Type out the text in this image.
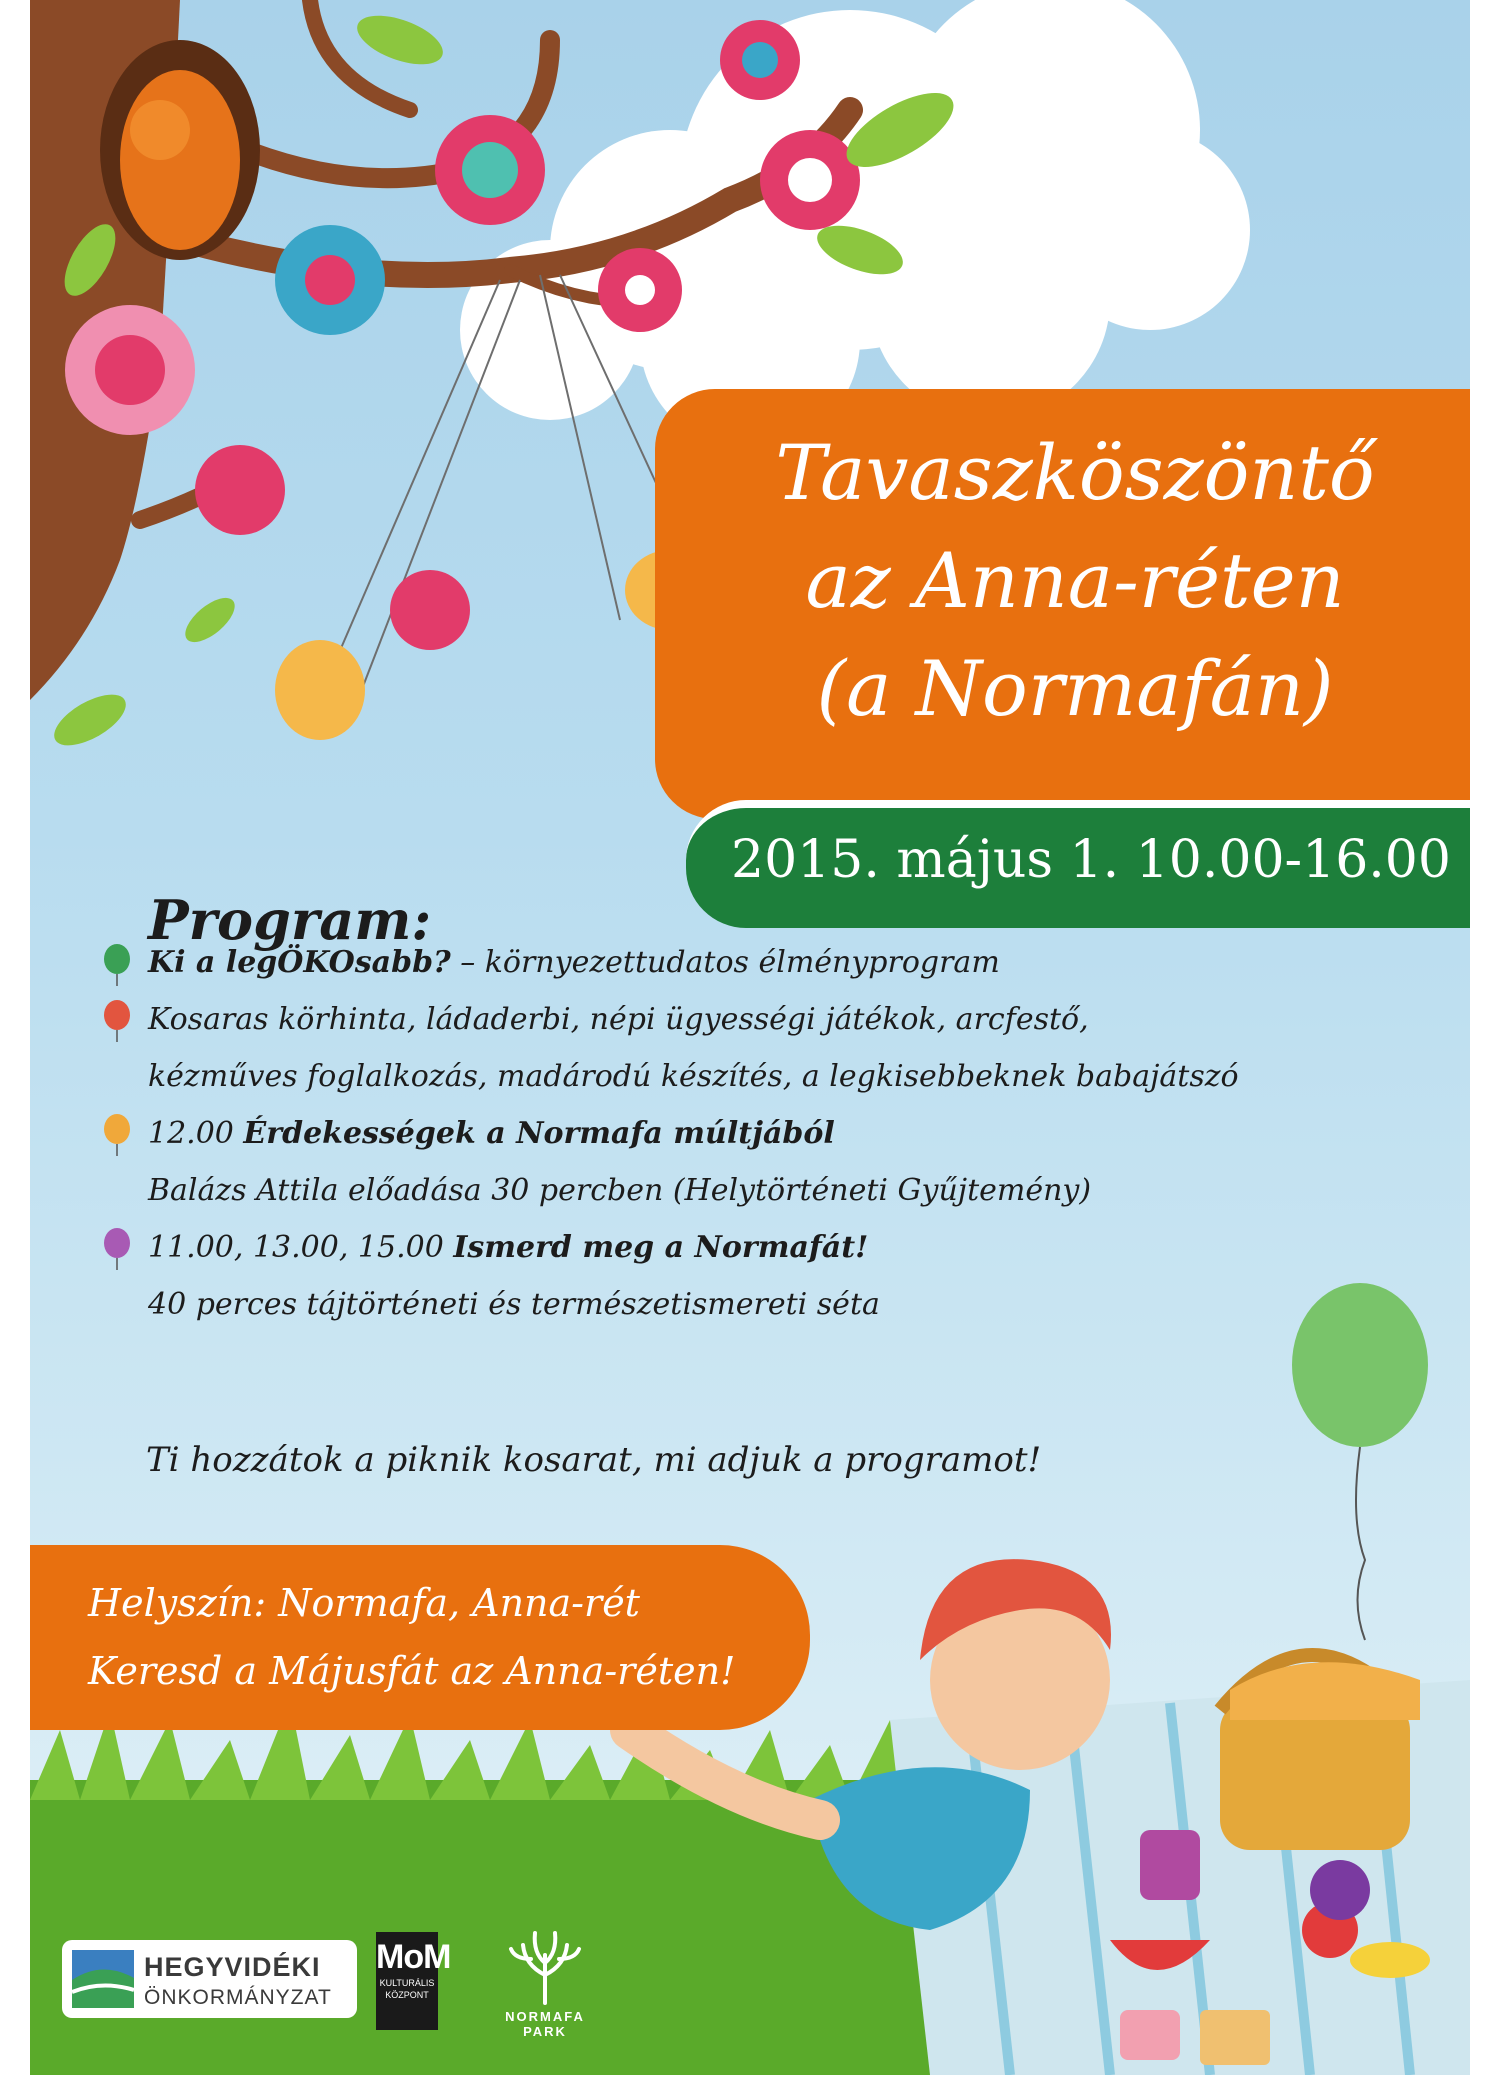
Tavaszköszöntő
az Anna-réten
(a Normafán)
2015. május 1. 10.00-16.00
Program:
Ki a legÖKOsabb? – környezettudatos élményprogram
Kosaras körhinta, ládaderbi, népi ügyességi játékok, arcfestő,
kézműves foglalkozás, madárodú készítés, a legkisebbeknek babajátszó
12.00 Érdekességek a Normafa múltjából
Balázs Attila előadása 30 percben (Helytörténeti Gyűjtemény)
11.00, 13.00, 15.00 Ismerd meg a Normafát!
40 perces tájtörténeti és természetismereti séta
Ti hozzátok a piknik kosarat, mi adjuk a programot!
Helyszín: Normafa, Anna-rét
Keresd a Májusfát az Anna-réten!
HEGYVIDÉKI
ÖNKORMÁNYZAT
MoM
KULTURÁLIS
KÖZPONT
NORMAFA
PARK
